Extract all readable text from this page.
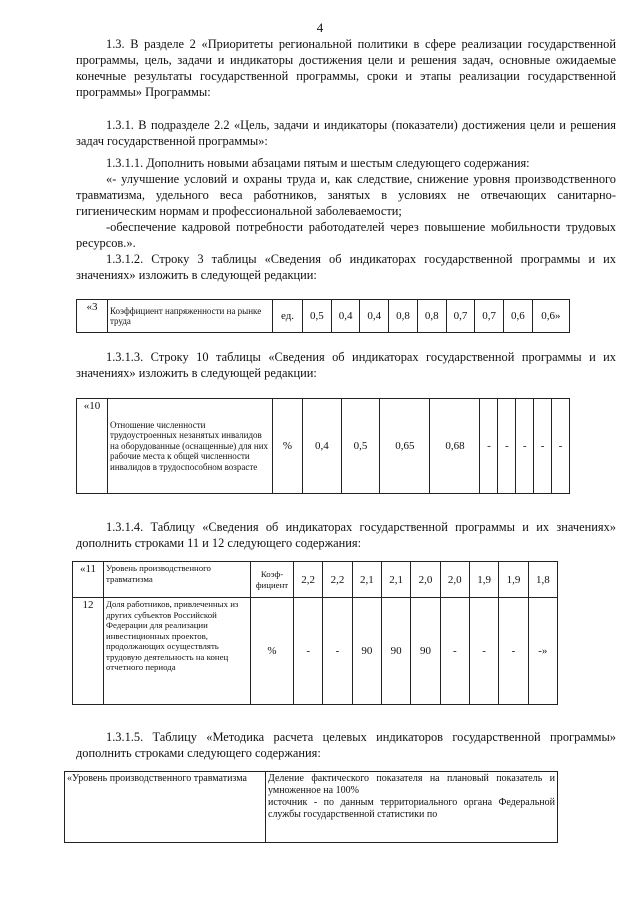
4
1.3. В разделе 2 «Приоритеты региональной политики в сфере реализации государственной программы, цель, задачи и индикаторы достижения цели и решения задач, основные ожидаемые конечные результаты государственной программы, сроки и этапы реализации государственной программы» Программы:
1.3.1. В подразделе 2.2 «Цель, задачи и индикаторы (показатели) достижения цели и решения задач государственной программы»:
1.3.1.1. Дополнить новыми абзацами пятым и шестым следующего содержания:
«- улучшение условий и охраны труда и, как следствие, снижение уровня производственного травматизма, удельного веса работников, занятых в условиях не отвечающих санитарно-гигиеническим нормам и профессиональной заболеваемости;
-обеспечение кадровой потребности работодателей через повышение мобильности трудовых ресурсов.».
1.3.1.2. Строку 3 таблицы «Сведения об индикаторах государственной программы и их значениях» изложить в следующей редакции:
«3	Коэффициент напряженности на рынке труда	ед.	0,5	0,4	0,4	0,8	0,8	0,7	0,7	0,6	0,6»
1.3.1.3. Строку 10 таблицы «Сведения об индикаторах государственной программы и их значениях» изложить в следующей редакции:
«10	Отношение численности трудоустроенных незанятых инвалидов на оборудованные (оснащенные) для них рабочие места к общей численности инвалидов в трудоспособном возрасте	%	0,4	0,5	0,65	0,68	-	-	-	-	-
1.3.1.4. Таблицу «Сведения об индикаторах государственной программы и их значениях» дополнить строками 11 и 12 следующего содержания:
«11	Уровень производственного травматизма	Коэф-фициент	2,2	2,2	2,1	2,1	2,0	2,0	1,9	1,9	1,8
12	Доля работников, привлеченных из других субъектов Российской Федерации для реализации инвестиционных проектов, продолжающих осуществлять трудовую деятельность на конец отчетного периода	%	-	-	90	90	90	-	-	-	-»
1.3.1.5. Таблицу «Методика расчета целевых индикаторов государственной программы» дополнить строками следующего содержания:
«Уровень производственного травматизма	Деление фактического показателя на плановый показатель и умноженное на 100%
источник - по данным территориального органа Федеральной службы государственной статистики по
